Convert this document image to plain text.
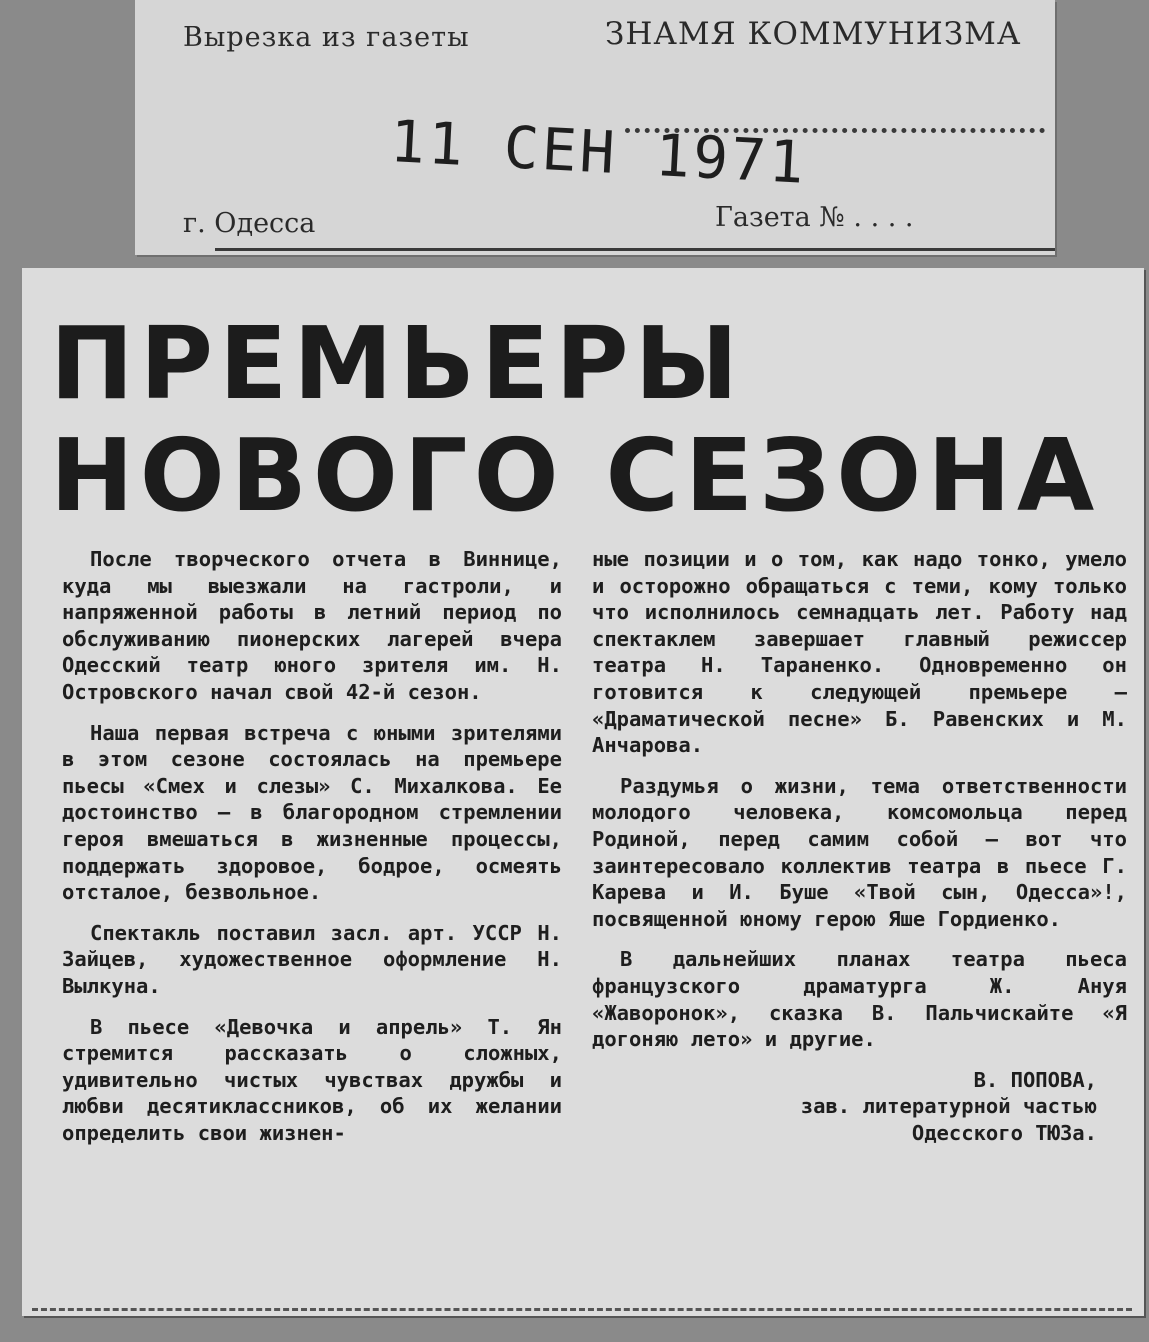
Вырезка из газеты	ЗНАМЯ КОММУНИЗМА
11 СЕН 1971
г. Одесса	Газета № . . . .
ПРЕМЬЕРЫ
НОВОГО СЕЗОНА

После творческого отчета в Виннице, куда мы выезжали на гастроли, и напряженной работы в летний период по обслуживанию пионерских лагерей вчера Одесский театр юного зрителя им. Н. Островского начал свой 42-й сезон.

Наша первая встреча с юными зрителями в этом сезоне состоялась на премьере пьесы «Смех и слезы» С. Михалкова. Ее достоинство — в благородном стремлении героя вмешаться в жизненные процессы, поддержать здоровое, бодрое, осмеять отсталое, безвольное.

Спектакль поставил засл. арт. УССР Н. Зайцев, художественное оформление Н. Вылкуна.

В пьесе «Девочка и апрель» Т. Ян стремится рассказать о сложных, удивительно чистых чувствах дружбы и любви десятиклассников, об их желании определить свои жизнен-

ные позиции и о том, как надо тонко, умело и осторожно обращаться с теми, кому только что исполнилось семнадцать лет. Работу над спектаклем завершает главный режиссер театра Н. Тараненко. Одновременно он готовится к следующей премьере — «Драматической песне» Б. Равенских и М. Анчарова.

Раздумья о жизни, тема ответственности молодого человека, комсомольца перед Родиной, перед самим собой — вот что заинтересовало коллектив театра в пьесе Г. Карева и И. Буше «Твой сын, Одесса»!, посвященной юному герою Яше Гордиенко.

В дальнейших планах театра пьеса французского драматурга Ж. Ануя «Жаворонок», сказка В. Пальчискайте «Я догоняю лето» и другие.

В. ПОПОВА,
зав. литературной частью
Одесского ТЮЗа.
